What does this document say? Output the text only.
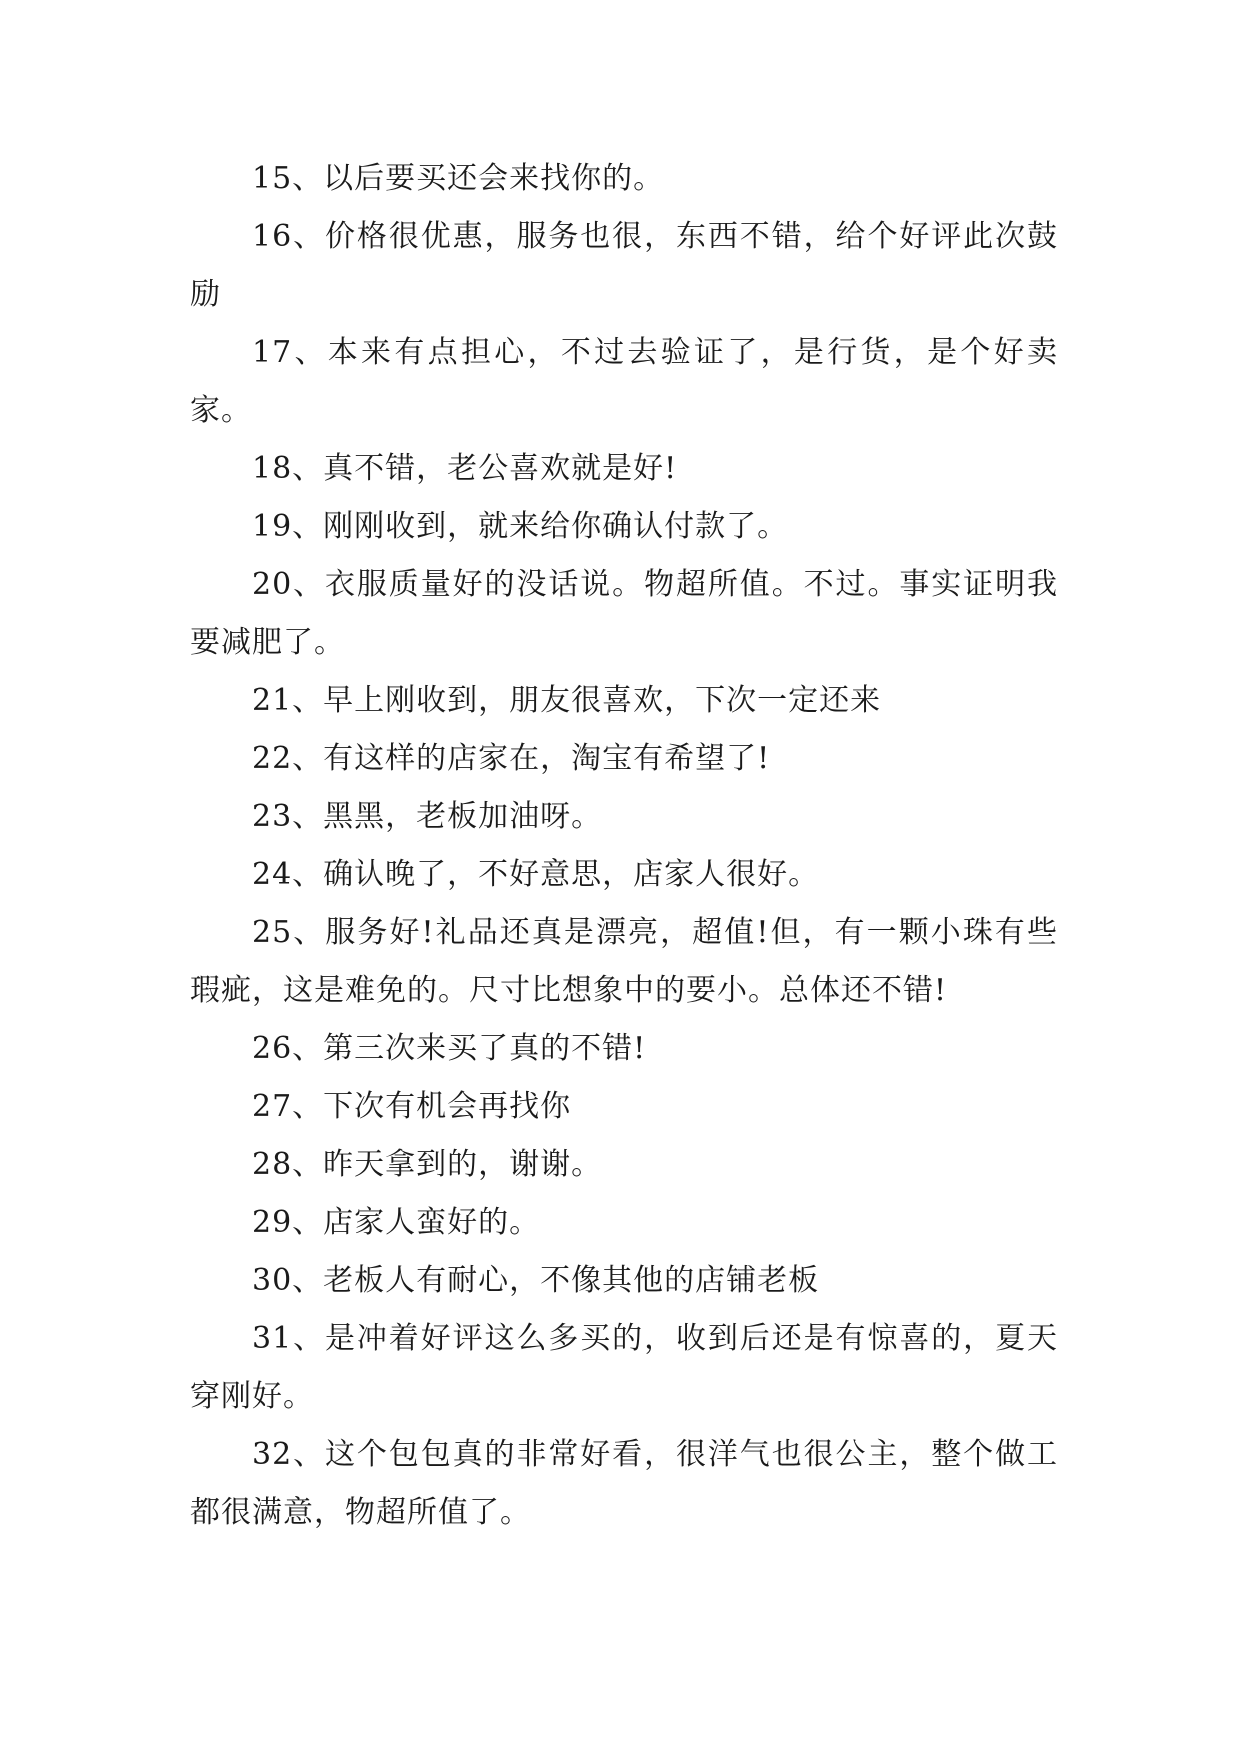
15、以后要买还会来找你的。

16、价格很优惠，服务也很，东西不错，给个好评此次鼓励

17、本来有点担心，不过去验证了，是行货，是个好卖家。

18、真不错，老公喜欢就是好!

19、刚刚收到，就来给你确认付款了。

20、衣服质量好的没话说。物超所值。不过。事实证明我要减肥了。

21、早上刚收到，朋友很喜欢，下次一定还来

22、有这样的店家在，淘宝有希望了!

23、黑黑，老板加油呀。

24、确认晚了，不好意思，店家人很好。

25、服务好!礼品还真是漂亮，超值!但，有一颗小珠有些瑕疵，这是难免的。尺寸比想象中的要小。总体还不错!

26、第三次来买了真的不错!

27、下次有机会再找你

28、昨天拿到的，谢谢。

29、店家人蛮好的。

30、老板人有耐心，不像其他的店铺老板

31、是冲着好评这么多买的，收到后还是有惊喜的，夏天穿刚好。

32、这个包包真的非常好看，很洋气也很公主，整个做工都很满意，物超所值了。
